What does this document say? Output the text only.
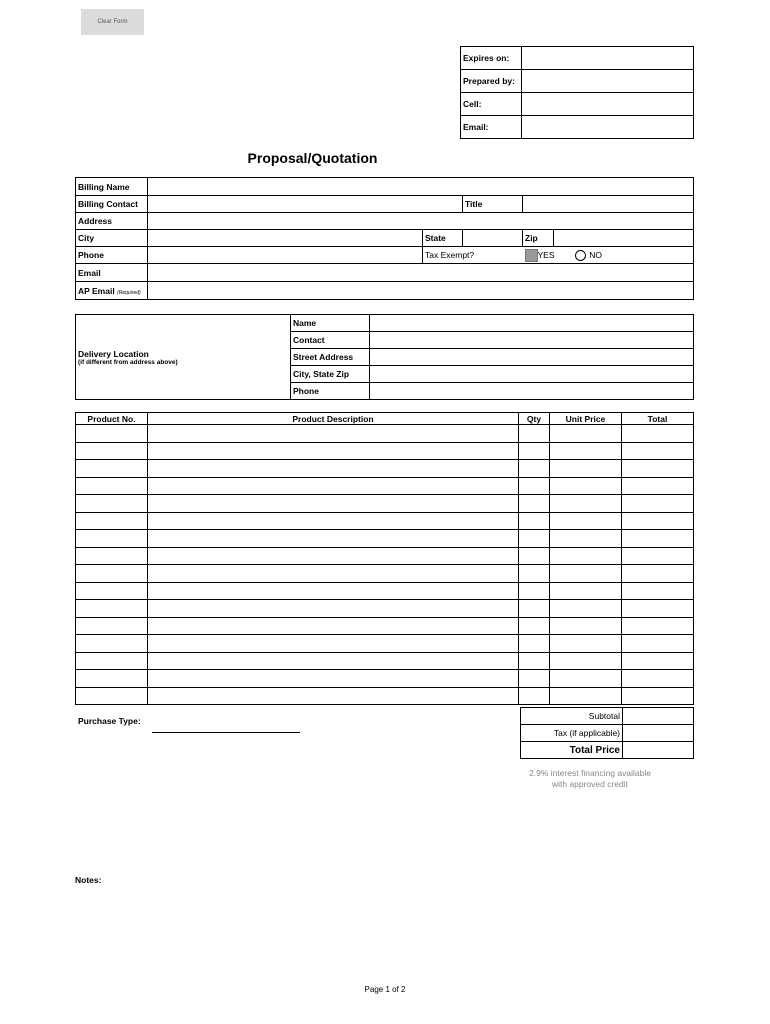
Clear Form
Expires on:	
Prepared by:	
Cell:	
Email:	
Proposal/Quotation
Billing Name					
Billing Contact			Title		
Address					
City		State		Zip	
Phone		Tax Exempt?		YES NO	
Email					
AP Email (Required)					
Delivery Location
(if different from address above)	Name	
	Contact	
	Street Address	
	City, State Zip	
	Phone	
Product No.	Product Description	Qty	Unit Price	Total

Subtotal	
Tax (if applicable)	
Total Price	
Purchase Type:
2.9% interest financing available
with approved credit
Notes:
Page 1 of 2
